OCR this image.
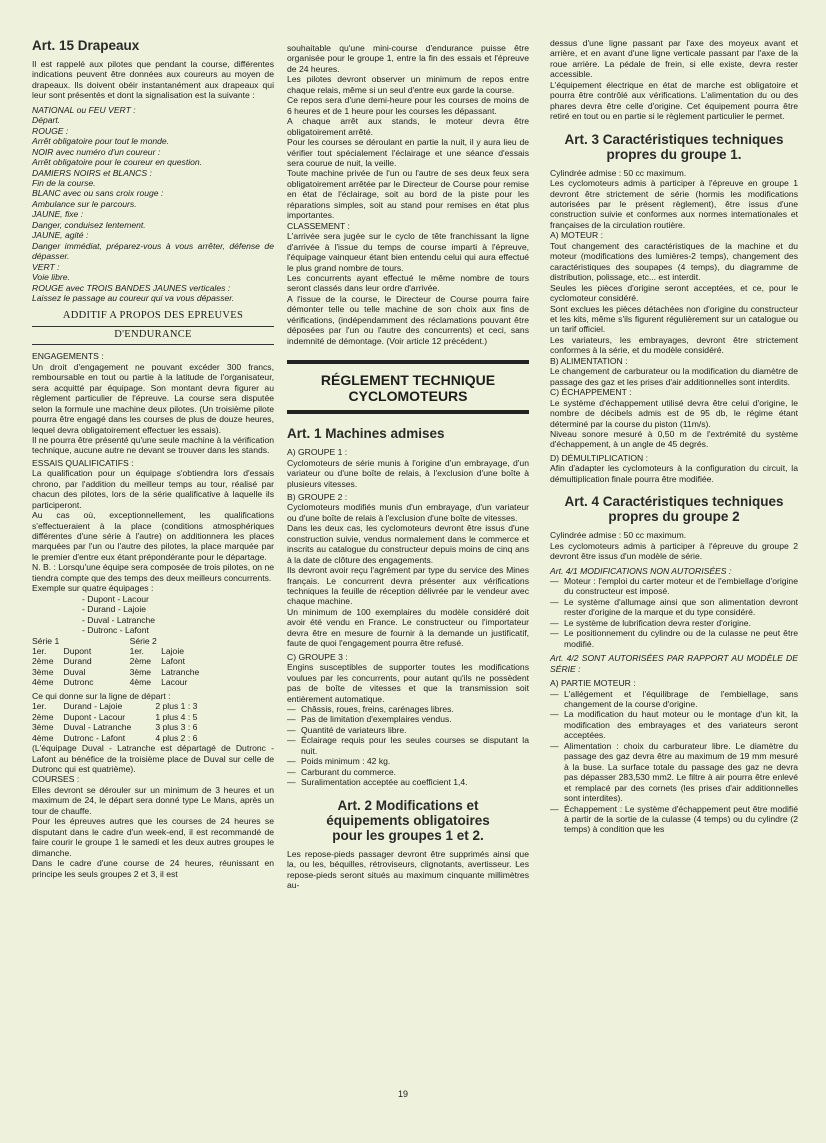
Art. 15 Drapeaux

Il est rappelé aux pilotes que pendant la course, différentes indications peuvent être données aux coureurs au moyen de drapeaux. Ils doivent obéir instantanément aux drapeaux qui leur sont présentés et dont la signalisation est la suivante :

NATIONAL ou FEU VERT :
Départ.
ROUGE :
Arrêt obligatoire pour tout le monde.
NOIR avec numéro d'un coureur :
Arrêt obligatoire pour le coureur en question.
DAMIERS NOIRS et BLANCS :
Fin de la course.
BLANC avec ou sans croix rouge :
Ambulance sur le parcours.
JAUNE, fixe :
Danger, conduisez lentement.
JAUNE, agité :
Danger immédiat, préparez-vous à vous arrêter, défense de dépasser.
VERT :
Voie libre.
ROUGE avec TROIS BANDES JAUNES verticales :
Laissez le passage au coureur qui va vous dépasser.
ADDITIF A PROPOS DES EPREUVES
D'ENDURANCE

ENGAGEMENTS :

Un droit d'engagement ne pouvant excéder 300 francs, remboursable en tout ou partie à la latitude de l'organisateur, sera acquitté par équipage. Son montant devra figurer au règlement particulier de l'épreuve. La course sera disputée selon la formule une machine deux pilotes. (Un troisième pilote pourra être engagé dans les courses de plus de douze heures, lequel devra obligatoirement effectuer les essais).

Il ne pourra être présenté qu'une seule machine à la vérification technique, aucune autre ne devant se trouver dans les stands.

ESSAIS QUALIFICATIFS :

La qualification pour un équipage s'obtiendra lors d'essais chrono, par l'addition du meilleur temps au tour, réalisé par chacun des pilotes, lors de la série qualificative à laquelle ils participeront.

Au cas où, exceptionnellement, les qualifications s'effectueraient à la place (conditions atmosphériques différentes d'une série à l'autre) on additionnera les places marquées par l'un ou l'autre des pilotes, la place marquée par le premier d'entre eux étant prépondérante pour le départage.

N. B. : Lorsqu'une équipe sera composée de trois pilotes, on ne tiendra compte que des temps des deux meilleurs concurrents.

Exemple sur quatre équipages :

- Dupont - Lacour
- Durand - Lajoie
- Duval - Latranche
- Dutronc - Lafont
Série 1		Série 2	
1er.	Dupont	1er.	Lajoie
2ème	Durand	2ème	Lafont
3ème	Duval	3ème	Latranche
4ème	Dutronc	4ème	Lacour

Ce qui donne sur la ligne de départ :

1er.	Durand - Lajoie	2 plus 1 : 3
2ème	Dupont - Lacour	1 plus 4 : 5
3ème	Duval - Latranche	3 plus 3 : 6
4ème	Dutronc - Lafont	4 plus 2 : 6

(L'équipage Duval - Latranche est départagé de Dutronc - Lafont au bénéfice de la troisième place de Duval sur celle de Dutronc qui est quatrième).

COURSES :

Elles devront se dérouler sur un minimum de 3 heures et un maximum de 24, le départ sera donné type Le Mans, après un tour de chauffe.

Pour les épreuves autres que les courses de 24 heures se disputant dans le cadre d'un week-end, il est recommandé de faire courir le groupe 1 le samedi et les deux autres groupes le dimanche.

Dans le cadre d'une course de 24 heures, réunissant en principe les seuls groupes 2 et 3, il est

souhaitable qu'une mini-course d'endurance puisse être organisée pour le groupe 1, entre la fin des essais et l'épreuve de 24 heures.

Les pilotes devront observer un minimum de repos entre chaque relais, même si un seul d'entre eux garde la course.

Ce repos sera d'une demi-heure pour les courses de moins de 6 heures et de 1 heure pour les courses les dépassant.

A chaque arrêt aux stands, le moteur devra être obligatoirement arrêté.

Pour les courses se déroulant en partie la nuit, il y aura lieu de vérifier tout spécialement l'éclairage et une séance d'essais sera courue de nuit, la veille.

Toute machine privée de l'un ou l'autre de ses deux feux sera obligatoirement arrêtée par le Directeur de Course pour remise en état de l'éclairage, soit au bord de la piste pour les réparations simples, soit au stand pour remises en état plus importantes.

CLASSEMENT :

L'arrivée sera jugée sur le cyclo de tête franchissant la ligne d'arrivée à l'issue du temps de course imparti à l'épreuve, l'équipage vainqueur étant bien entendu celui qui aura effectué le plus grand nombre de tours.

Les concurrents ayant effectué le même nombre de tours seront classés dans leur ordre d'arrivée.

A l'issue de la course, le Directeur de Course pourra faire démonter telle ou telle machine de son choix aux fins de vérifications, (indépendamment des réclamations pouvant être déposées par l'un ou l'autre des concurrents) et ceci, sans indemnité de démontage. (Voir article 12 précédent.)

RÉGLEMENT TECHNIQUE
CYCLOMOTEURS
Art. 1 Machines admises

A) GROUPE 1 :

Cyclomoteurs de série munis à l'origine d'un embrayage, d'un variateur ou d'une boîte de relais, à l'exclusion d'une boîte à plusieurs vitesses.

B) GROUPE 2 :

Cyclomoteurs modifiés munis d'un embrayage, d'un variateur ou d'une boîte de relais à l'exclusion d'une boîte de vitesses.

Dans les deux cas, les cyclomoteurs devront être issus d'une construction suivie, vendus normalement dans le commerce et inscrits au catalogue du constructeur depuis moins de cinq ans à la date de clôture des engagements.

Ils devront avoir reçu l'agrément par type du service des Mines français. Le concurrent devra présenter aux vérifications techniques la feuille de réception délivrée par le vendeur avec chaque machine.

Un minimum de 100 exemplaires du modèle considéré doit avoir été vendu en France. Le constructeur ou l'importateur devra être en mesure de fournir à la demande un justificatif, faute de quoi l'engagement pourra être refusé.

C) GROUPE 3 :

Engins susceptibles de supporter toutes les modifications voulues par les concurrents, pour autant qu'ils ne possèdent pas de boîte de vitesses et que la transmission soit entièrement automatique.

— Châssis, roues, freins, carénages libres.
— Pas de limitation d'exemplaires vendus.
— Quantité de variateurs libre.
— Éclairage requis pour les seules courses se disputant la nuit.
— Poids minimum : 42 kg.
— Carburant du commerce.
— Suralimentation acceptée au coefficient 1,4.
Art. 2 Modifications et
équipements obligatoires
pour les groupes 1 et 2.

Les repose-pieds passager devront être supprimés ainsi que la, ou les, béquilles, rétroviseurs, clignotants, avertisseur. Les repose-pieds seront situés au maximum cinquante millimètres au-

dessus d'une ligne passant par l'axe des moyeux avant et arrière, et en avant d'une ligne verticale passant par l'axe de la roue arrière. La pédale de frein, si elle existe, devra rester accessible.

L'équipement électrique en état de marche est obligatoire et pourra être contrôlé aux vérifications. L'alimentation du ou des phares devra être celle d'origine. Cet équipement pourra être retiré en tout ou en partie si le règlement particulier le permet.

Art. 3 Caractéristiques techniques
propres du groupe 1.

Cylindrée admise : 50 cc maximum.

Les cyclomoteurs admis à participer à l'épreuve en groupe 1 devront être strictement de série (hormis les modifications autorisées par le présent règlement), être issus d'une construction suivie et conformes aux normes internationales et françaises de la circulation routière.

A) MOTEUR :

Tout changement des caractéristiques de la machine et du moteur (modifications des lumières-2 temps), changement des caractéristiques des soupapes (4 temps), du diagramme de distribution, polissage, etc... est interdit.

Seules les pièces d'origine seront acceptées, et ce, pour le cyclomoteur considéré.

Sont exclues les pièces détachées non d'origine du constructeur et les kits, même s'ils figurent régulièrement sur un catalogue ou un tarif officiel.

Les variateurs, les embrayages, devront être strictement conformes à la série, et du modèle considéré.

B) ALIMENTATION :

Le changement de carburateur ou la modification du diamètre de passage des gaz et les prises d'air additionnelles sont interdits.

C) ÉCHAPPEMENT :

Le système d'échappement utilisé devra être celui d'origine, le nombre de décibels admis est de 95 db, le régime étant déterminé par la course du piston (11m/s).

Niveau sonore mesuré à 0,50 m de l'extrémité du système d'échappement, à un angle de 45 degrés.

D) DÉMULTIPLICATION :

Afin d'adapter les cyclomoteurs à la configuration du circuit, la démultiplication finale pourra être modifiée.

Art. 4 Caractéristiques techniques
propres du groupe 2

Cylindrée admise : 50 cc maximum.

Les cyclomoteurs admis à participer à l'épreuve du groupe 2 devront être issus d'un modèle de série.

Art. 4/1 MODIFICATIONS NON AUTORISÉES :

— Moteur : l'emploi du carter moteur et de l'embiellage d'origine du constructeur est imposé.
— Le système d'allumage ainsi que son alimentation devront rester d'origine de la marque et du type considéré.
— Le système de lubrification devra rester d'origine.
— Le positionnement du cylindre ou de la culasse ne peut être modifié.

Art. 4/2 SONT AUTORISÉES PAR RAPPORT AU MODÈLE DE SÉRIE :

A) PARTIE MOTEUR :

— L'allégement et l'équilibrage de l'embiellage, sans changement de la course d'origine.
— La modification du haut moteur ou le montage d'un kit, la modification des embrayages et des variateurs seront acceptées.
— Alimentation : choix du carburateur libre. Le diamètre du passage des gaz devra être au maximum de 19 mm mesuré à la buse. La surface totale du passage des gaz ne devra pas dépasser 283,530 mm2. Le filtre à air pourra être enlevé et remplacé par des cornets (les prises d'air additionnelles sont interdites).
— Échappement : Le système d'échappement peut être modifié à partir de la sortie de la culasse (4 temps) ou du cylindre (2 temps) à condition que les
19
